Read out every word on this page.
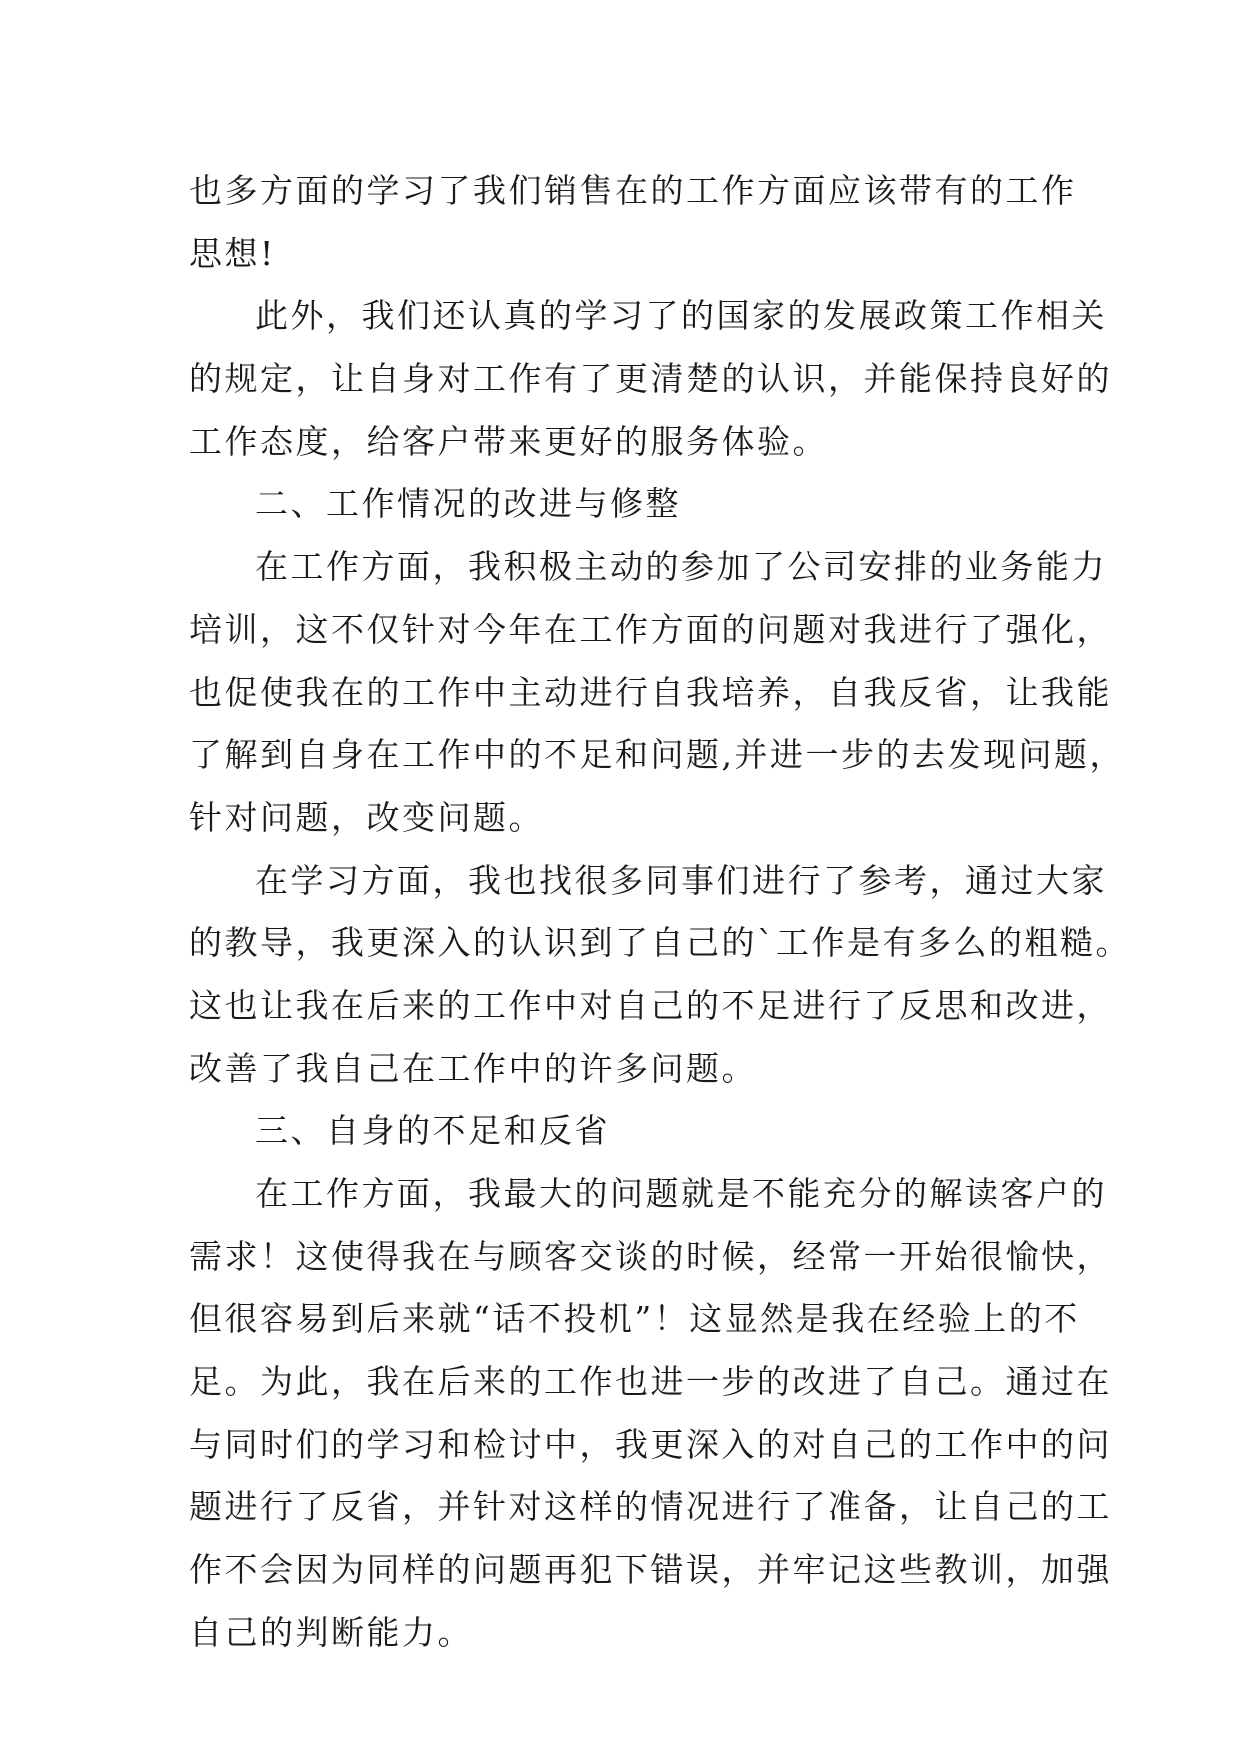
也多方面的学习了我们销售在的工作方面应该带有的工作
思想!
此外，我们还认真的学习了的国家的发展政策工作相关
的规定，让自身对工作有了更清楚的认识，并能保持良好的
工作态度，给客户带来更好的服务体验。
二、工作情况的改进与修整
在工作方面，我积极主动的参加了公司安排的业务能力
培训，这不仅针对今年在工作方面的问题对我进行了强化，
也促使我在的工作中主动进行自我培养，自我反省，让我能
了解到自身在工作中的不足和问题,并进一步的去发现问题，
针对问题，改变问题。
在学习方面，我也找很多同事们进行了参考，通过大家
的教导，我更深入的认识到了自己的`工作是有多么的粗糙。
这也让我在后来的工作中对自己的不足进行了反思和改进，
改善了我自己在工作中的许多问题。
三、自身的不足和反省
在工作方面，我最大的问题就是不能充分的解读客户的
需求！这使得我在与顾客交谈的时候，经常一开始很愉快，
但很容易到后来就“话不投机”！这显然是我在经验上的不
足。为此，我在后来的工作也进一步的改进了自己。通过在
与同时们的学习和检讨中，我更深入的对自己的工作中的问
题进行了反省，并针对这样的情况进行了准备，让自己的工
作不会因为同样的问题再犯下错误，并牢记这些教训，加强
自己的判断能力。
